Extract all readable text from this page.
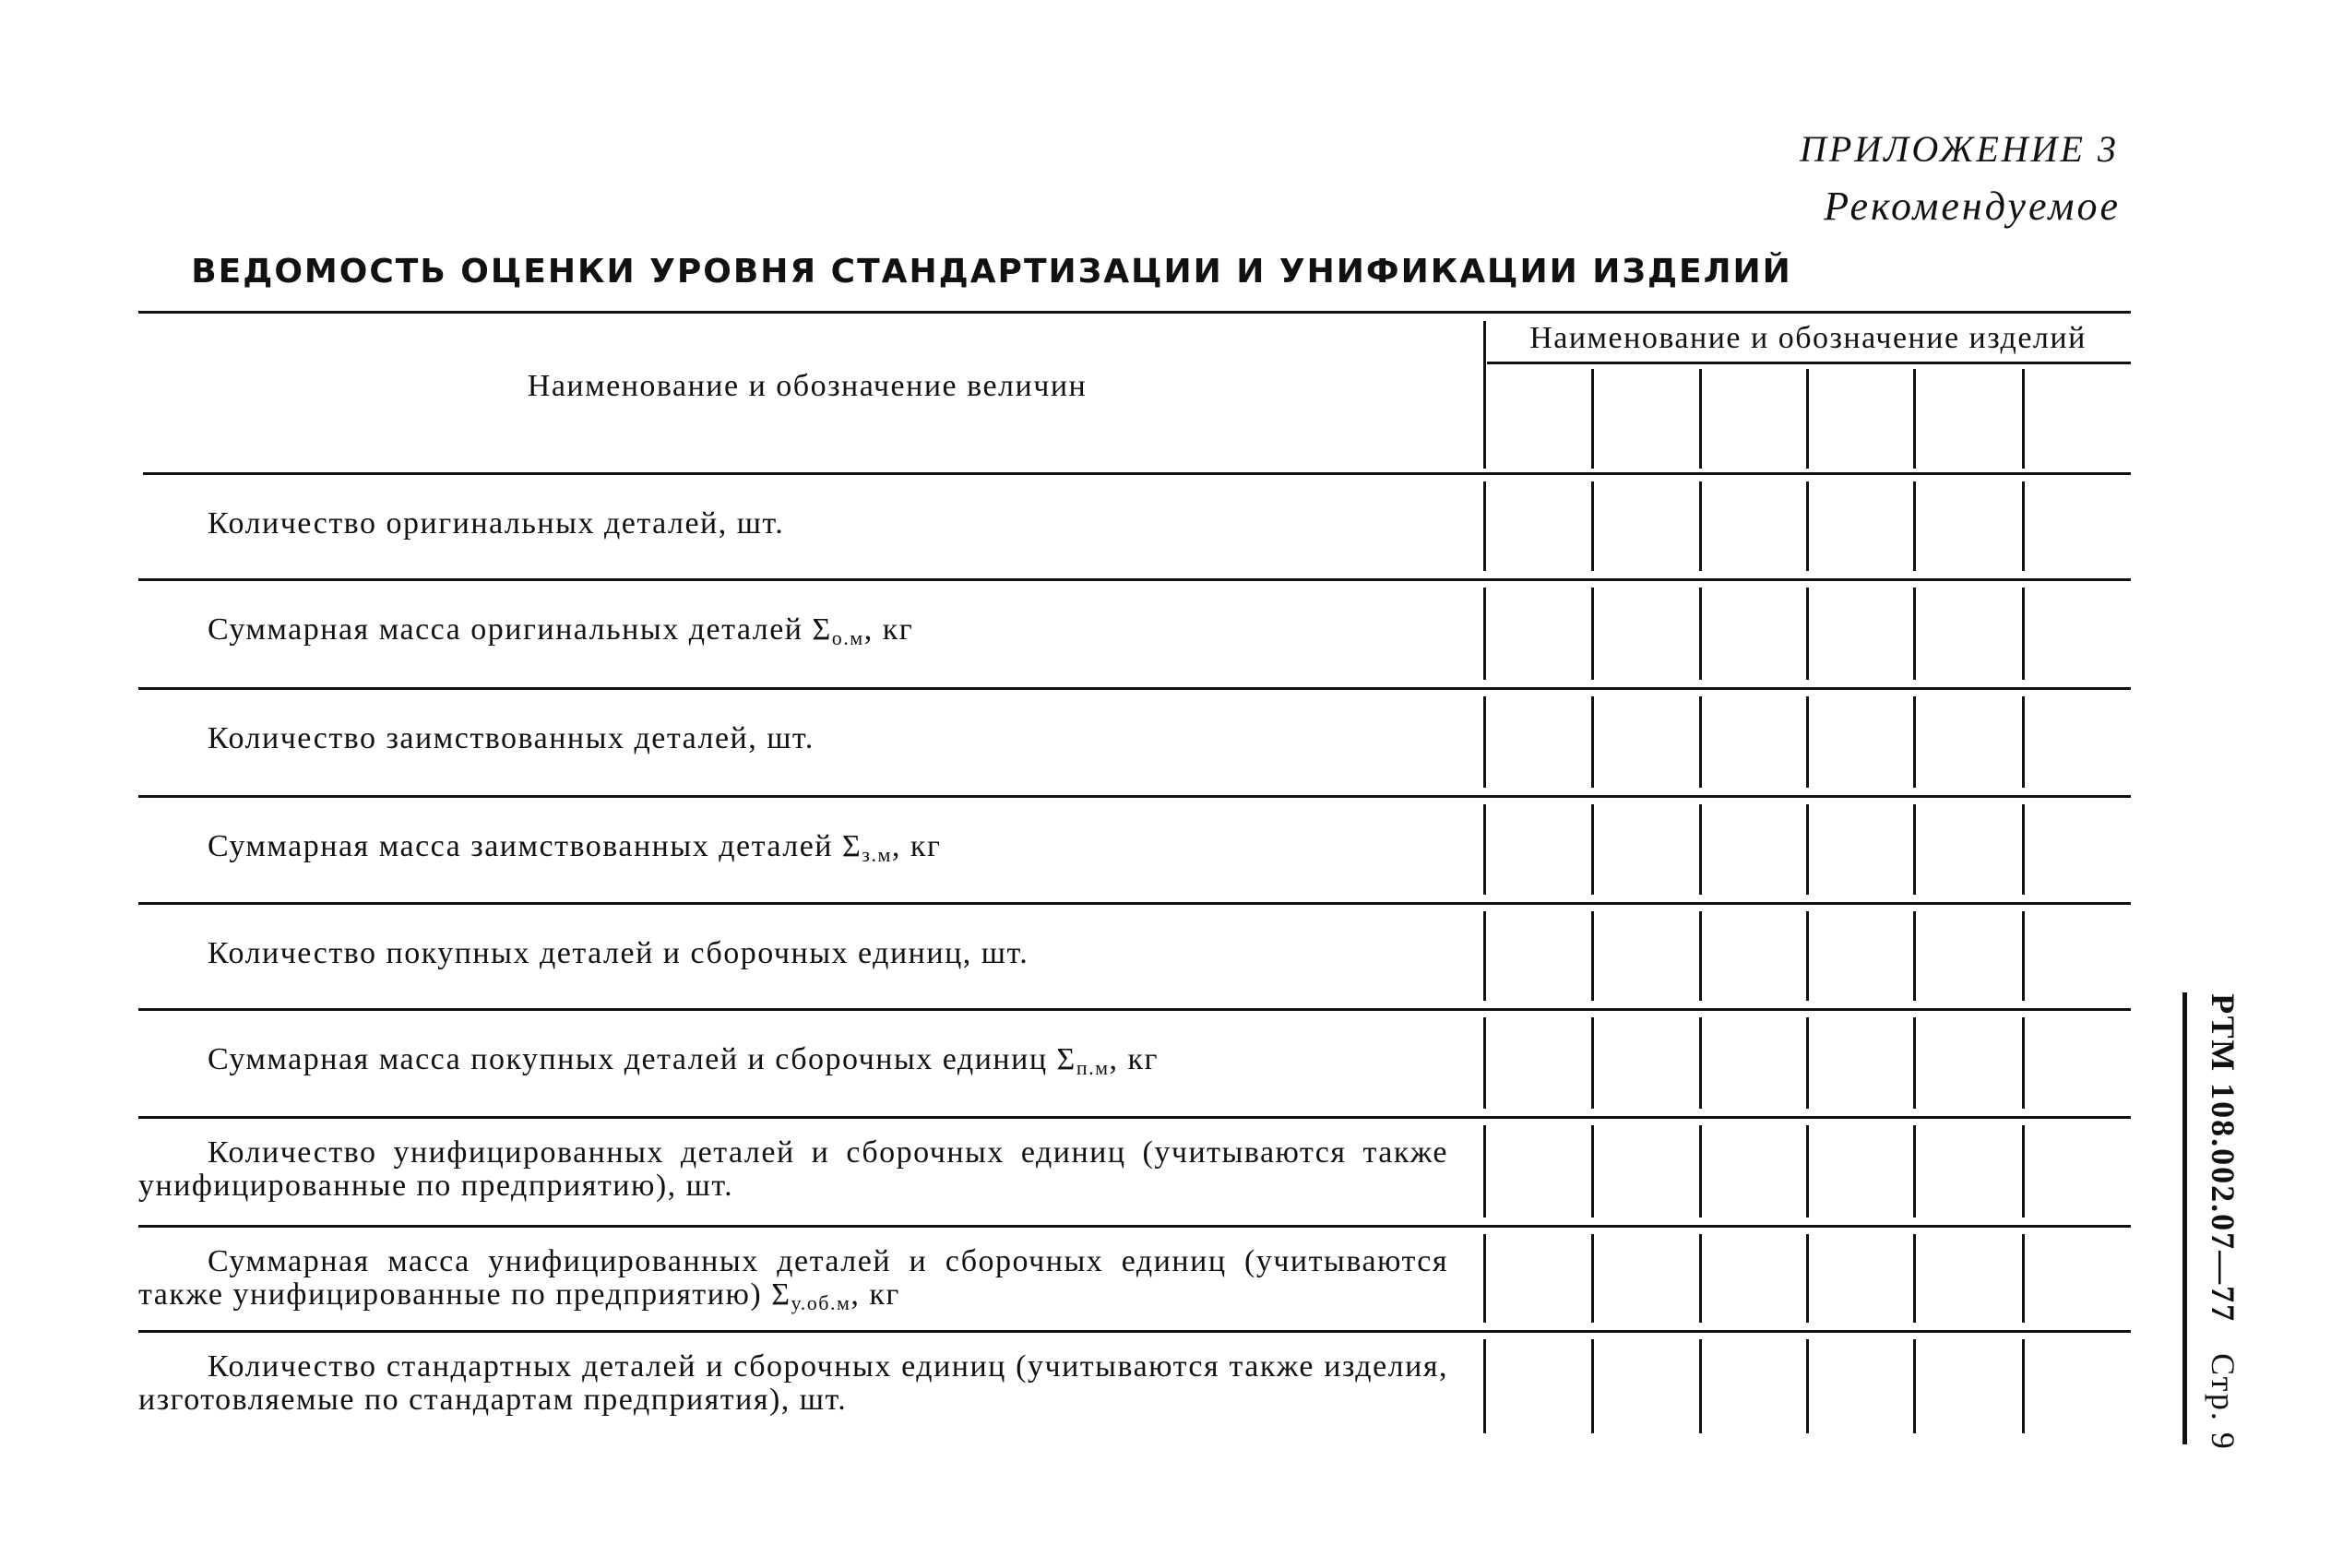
ПРИЛОЖЕНИЕ 3
Рекомендуемое
ВЕДОМОСТЬ ОЦЕНКИ УРОВНЯ СТАНДАРТИЗАЦИИ И УНИФИКАЦИИ ИЗДЕЛИЙ
Наименование и обозначение величин
Наименование и обозначение изделий
Количество оригинальных деталей, шт.
Суммарная масса оригинальных деталей $\Sigma_{о.м}$, кг
Количество заимствованных деталей, шт.
Суммарная масса заимствованных деталей $\Sigma_{з.м}$, кг
Количество покупных деталей и сборочных единиц, шт.
Суммарная масса покупных деталей и сборочных единиц $\Sigma_{п.м}$, кг
Количество унифицированных деталей и сборочных единиц (учитываются также унифицированные по предприятию), шт.
Суммарная масса унифицированных деталей и сборочных единиц (учитываются также унифицированные по предприятию) $\Sigma_{у.об.м}$, кг
Количество стандартных деталей и сборочных единиц (учитываются также изделия, изготовляемые по стандартам предприятия), шт.
РТМ 108.002.07—77   Стр. 9
